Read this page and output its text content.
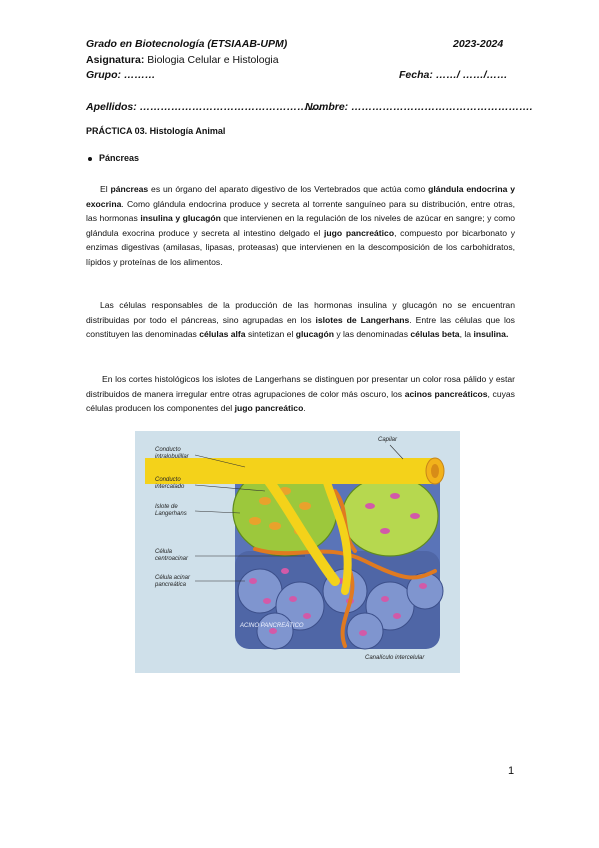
Grado en Biotecnología (ETSIAAB-UPM)	2023-2024
Asignatura: Biologia Celular e Histologia
Grupo: ………	Fecha: ……/ ……/……
Apellidos: …………………………………………….
Nombre: …………………………………………….
PRÁCTICA 03. Histología Animal
Páncreas
El páncreas es un órgano del aparato digestivo de los Vertebrados que actúa como glándula endocrina y exocrina. Como glándula endocrina produce y secreta al torrente sanguíneo para su distribución, entre otras, las hormonas insulina y glucagón que intervienen en la regulación de los niveles de azúcar en sangre; y como glándula exocrina produce y secreta al intestino delgado el jugo pancreático, compuesto por bicarbonato y enzimas digestivas (amilasas, lipasas, proteasas) que intervienen en la descomposición de los carbohidratos, lípidos y proteínas de los alimentos.
Las células responsables de la producción de las hormonas insulina y glucagón no se encuentran distribuidas por todo el páncreas, sino agrupadas en los islotes de Langerhans. Entre las células que los constituyen las denominadas células alfa sintetizan el glucagón y las denominadas células beta, la insulina.
En los cortes histológicos los islotes de Langerhans se distinguen por presentar un color rosa pálido y estar distribuidos de manera irregular entre otras agrupaciones de color más oscuro, los acinos pancreáticos, cuyas células producen los componentes del jugo pancreático.
Conducto
intralobulillar
Conducto
intercalado
Islote de
Langerhans
Célula
centroacinar
Célula acinar
pancreática
Capilar
ACINO PANCREÁTICO
Canalículo intercelular
1
